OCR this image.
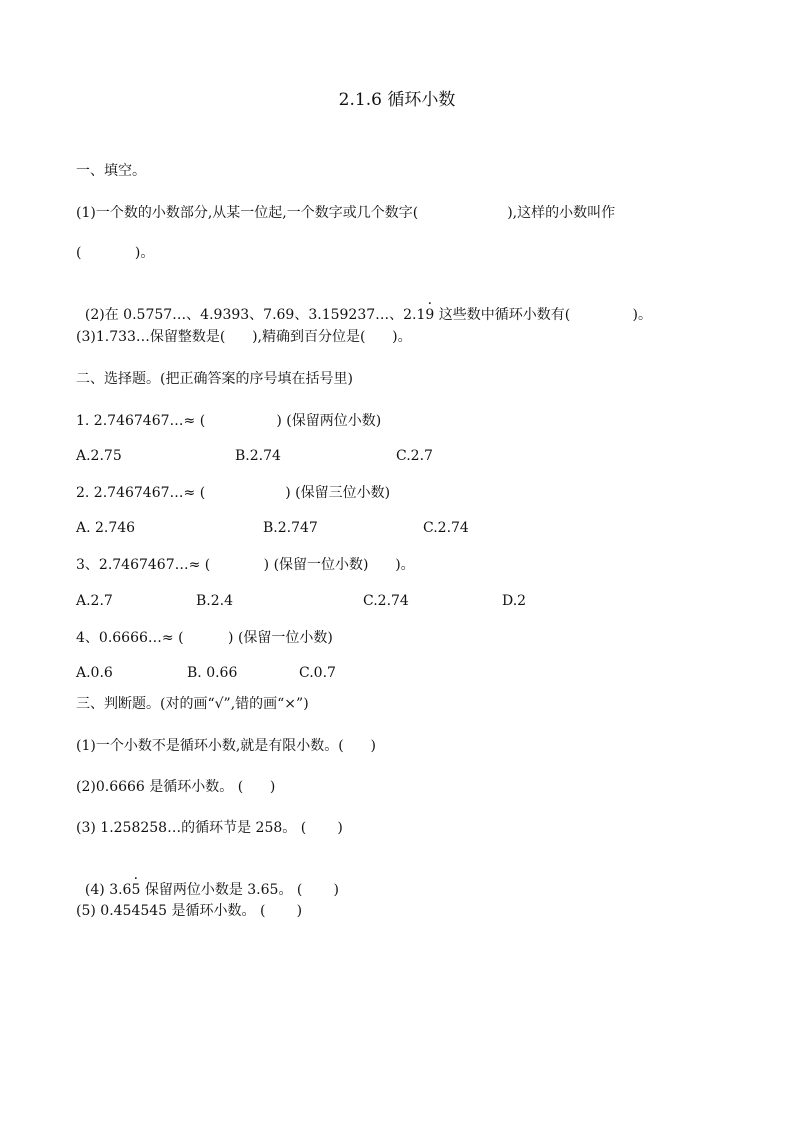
2.1.6 循环小数
一、填空。
(1)一个数的小数部分,从某一位起,一个数字或几个数字(                    ),这样的小数叫作
(            )。

(2)在 0.5757…、4.9393、7.69、3.159237…、2.1· 9 这些数中循环小数有(              )。

(3)1.733…保留整数是(      ),精确到百分位是(      )。
二、选择题。(把正确答案的序号填在括号里)
1. 2.7467467…≈ (                ) (保留两位小数)
A.2.75	B.2.74	C.2.7
2. 2.7467467…≈ (                  ) (保留三位小数)
A. 2.746	B.2.747	C.2.74
3、2.7467467…≈ (            ) (保留一位小数)      )。
A.2.7	B.2.4	C.2.74	D.2
4、0.6666…≈ (          ) (保留一位小数)
A.0.6	B. 0.66	C.0.7
三、判断题。(对的画“√”,错的画“×”)
(1)一个小数不是循环小数,就是有限小数。(      )
(2)0.6666 是循环小数。 (      )
(3) 1.258258…的循环节是 258。 (       )

(4) 3.6· 5 保留两位小数是 3.65。 (       )

(5) 0.454545 是循环小数。 (       )
